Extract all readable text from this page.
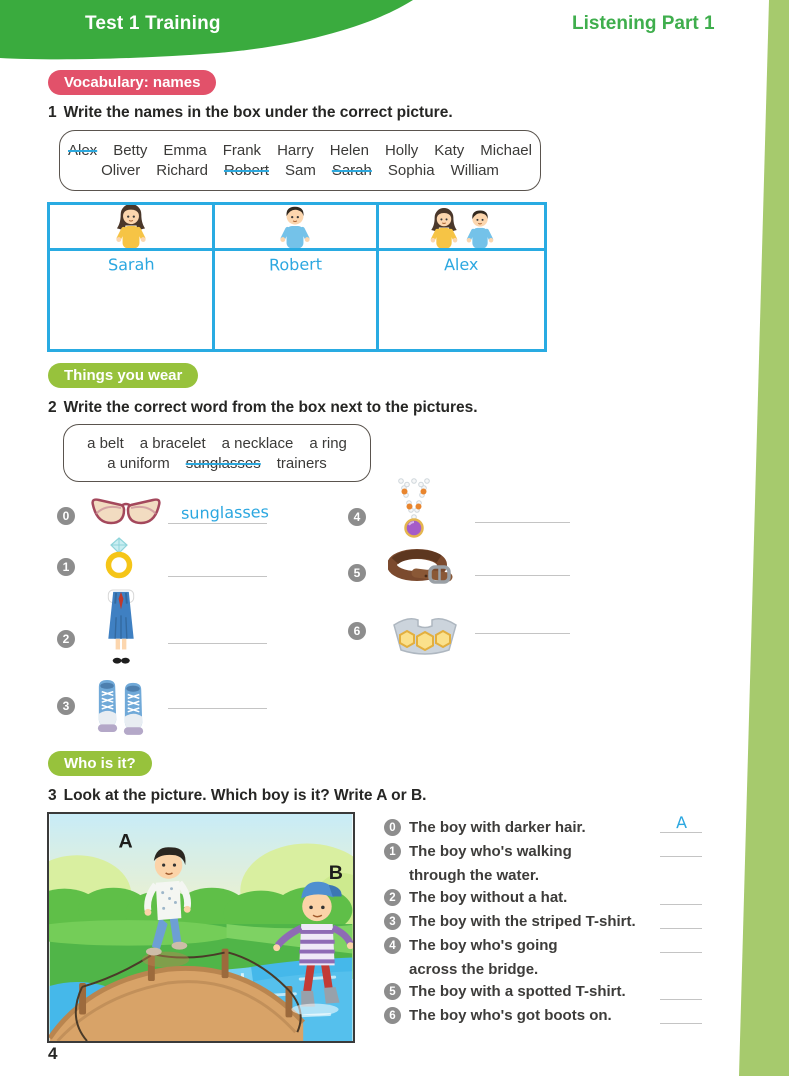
Test 1 Training	Listening Part 1
Vocabulary: names
1 Write the names in the box under the correct picture.
Alex Betty Emma Frank Harry Helen Holly Katy Michael
Oliver Richard Robert Sam Sarah Sophia William
Sarah	Robert	Alex
Things you wear
2 Write the correct word from the box next to the pictures.
a belt a bracelet a necklace a ring
a uniform sunglasses trainers
0	sunglasses
1
2
3
4
5
6
Who is it?
3 Look at the picture. Which boy is it? Write A or B.
A
B
0 The boy with darker hair.
1 The boy who's walking
through the water.
2 The boy without a hat.
3 The boy with the striped T-shirt.
4 The boy who's going
across the bridge.
5 The boy with a spotted T-shirt.
6 The boy who's got boots on.
A
4
